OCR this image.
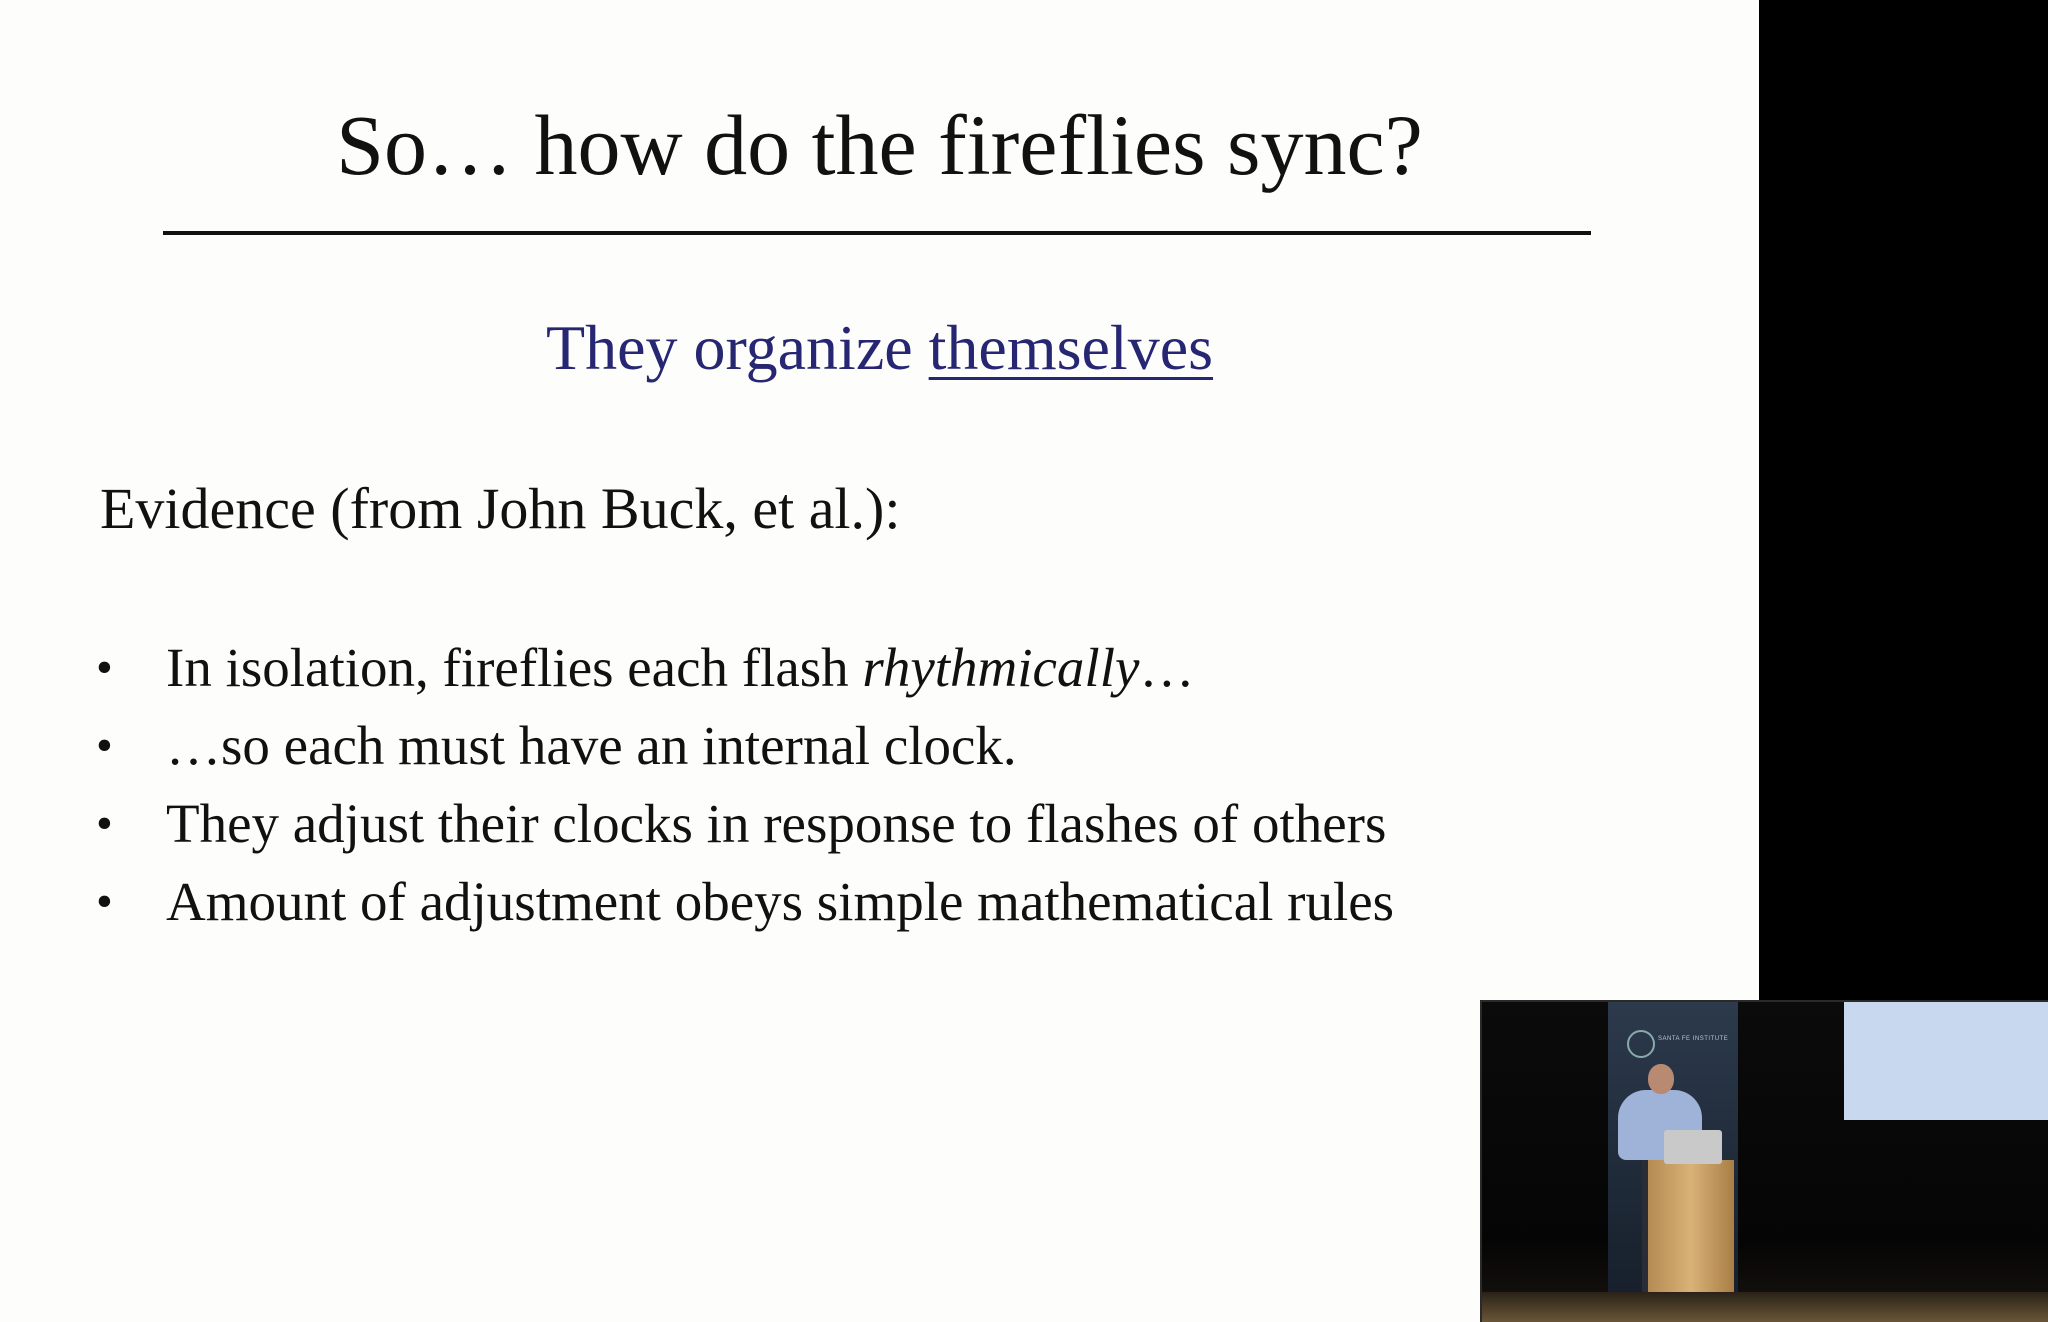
So… how do the fireflies sync?
They organize themselves
Evidence (from John Buck, et al.):
• In isolation, fireflies each flash rhythmically…
• …so each must have an internal clock.
• They adjust their clocks in response to flashes of others
• Amount of adjustment obeys simple mathematical rules
SANTA FE INSTITUTE
